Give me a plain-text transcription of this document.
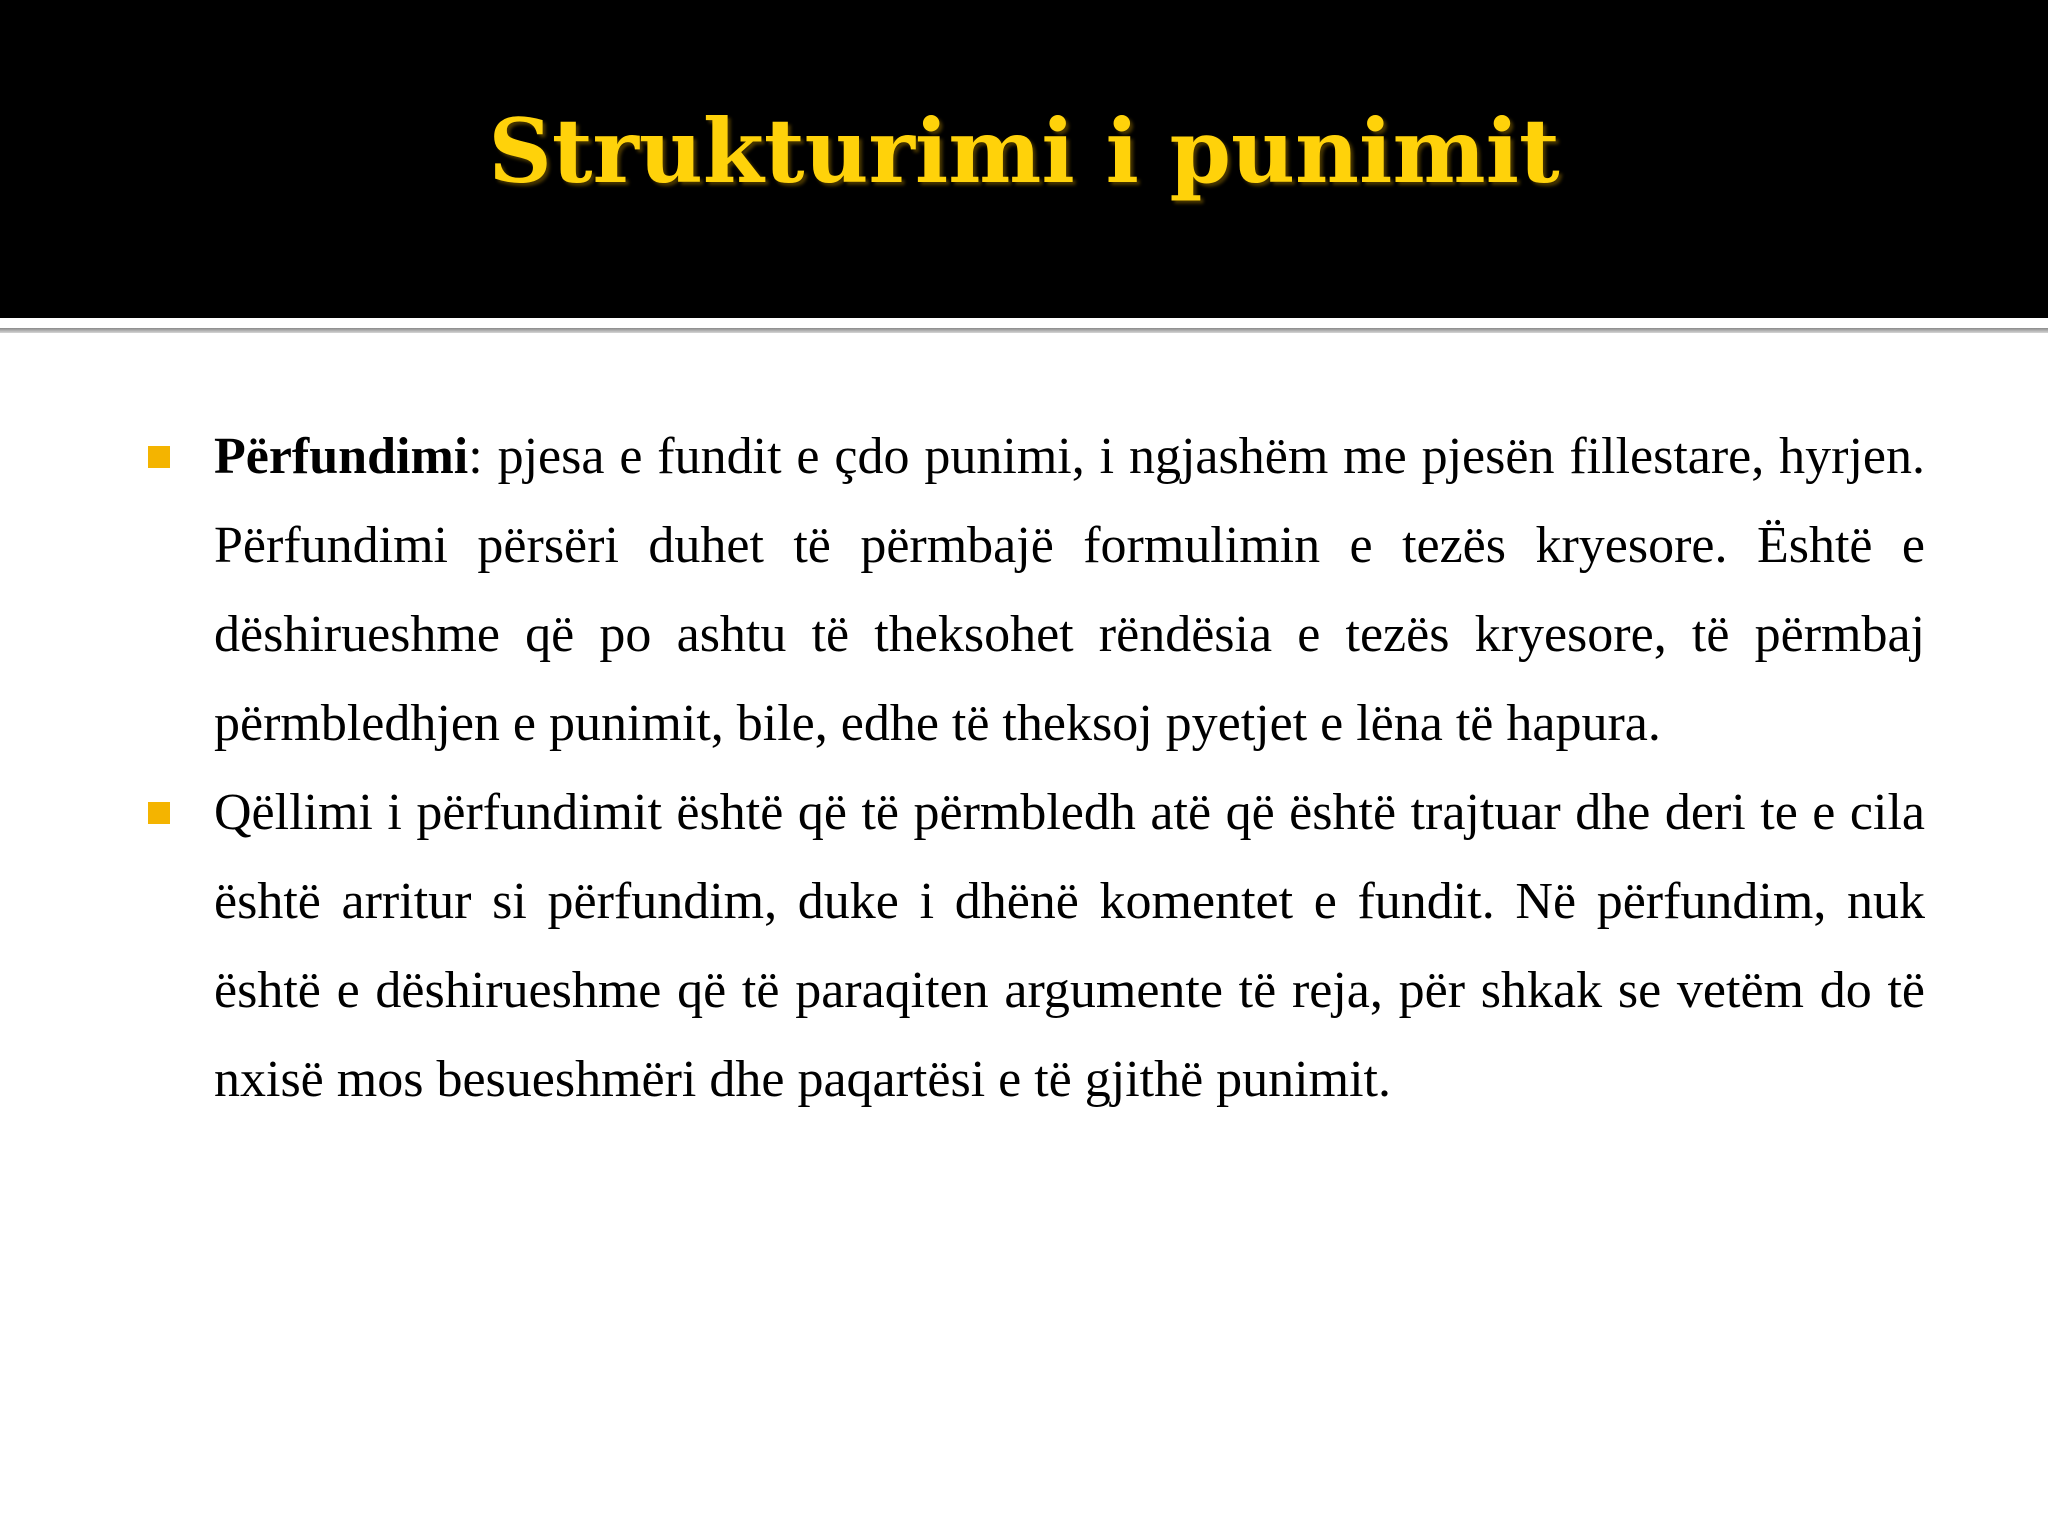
Strukturimi i punimit
Përfundimi: pjesa e fundit e çdo punimi, i ngjashëm me pjesën fillestare, hyrjen. Përfundimi përsëri duhet të përmbajë formulimin e tezës kryesore. Është e dëshirueshme që po ashtu të theksohet rëndësia e tezës kryesore, të përmbaj përmbledhjen e punimit, bile, edhe të theksoj pyetjet e lëna të hapura.
Qëllimi i përfundimit është që të përmbledh atë që është trajtuar dhe deri te e cila është arritur si përfundim, duke i dhënë komentet e fundit. Në përfundim, nuk është e dëshirueshme që të paraqiten argumente të reja, për shkak se vetëm do të nxisë mos besueshmëri dhe paqartësi e të gjithë punimit.
